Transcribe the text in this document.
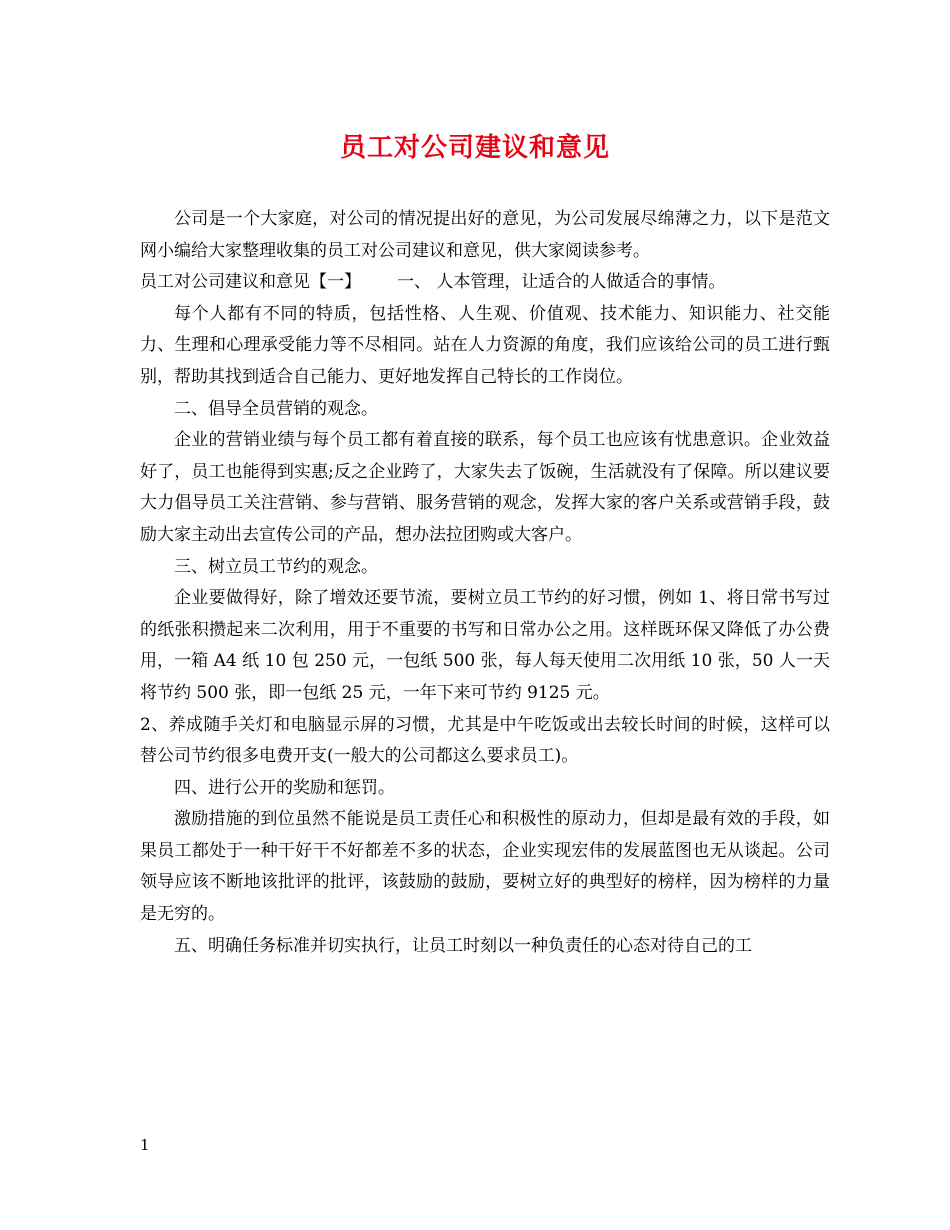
员工对公司建议和意见

公司是一个大家庭，对公司的情况提出好的意见，为公司发展尽绵薄之力，以下是范文网小编给大家整理收集的员工对公司建议和意见，供大家阅读参考。

员工对公司建议和意见【一】 一、 人本管理，让适合的人做适合的事情。

每个人都有不同的特质，包括性格、人生观、价值观、技术能力、知识能力、社交能力、生理和心理承受能力等不尽相同。站在人力资源的角度，我们应该给公司的员工进行甄别，帮助其找到适合自己能力、更好地发挥自己特长的工作岗位。

二、倡导全员营销的观念。

企业的营销业绩与每个员工都有着直接的联系，每个员工也应该有忧患意识。企业效益好了，员工也能得到实惠;反之企业跨了，大家失去了饭碗，生活就没有了保障。所以建议要大力倡导员工关注营销、参与营销、服务营销的观念，发挥大家的客户关系或营销手段，鼓励大家主动出去宣传公司的产品，想办法拉团购或大客户。

三、树立员工节约的观念。

企业要做得好，除了增效还要节流，要树立员工节约的好习惯，例如 1、将日常书写过的纸张积攒起来二次利用，用于不重要的书写和日常办公之用。这样既环保又降低了办公费用，一箱 A4 纸 10 包 250 元，一包纸 500 张，每人每天使用二次用纸 10 张，50 人一天将节约 500 张，即一包纸 25 元，一年下来可节约 9125 元。

2、养成随手关灯和电脑显示屏的习惯，尤其是中午吃饭或出去较长时间的时候，这样可以替公司节约很多电费开支(一般大的公司都这么要求员工)。

四、进行公开的奖励和惩罚。

激励措施的到位虽然不能说是员工责任心和积极性的原动力，但却是最有效的手段，如果员工都处于一种干好干不好都差不多的状态，企业实现宏伟的发展蓝图也无从谈起。公司领导应该不断地该批评的批评，该鼓励的鼓励，要树立好的典型好的榜样，因为榜样的力量是无穷的。

五、明确任务标准并切实执行，让员工时刻以一种负责任的心态对待自己的工

1
